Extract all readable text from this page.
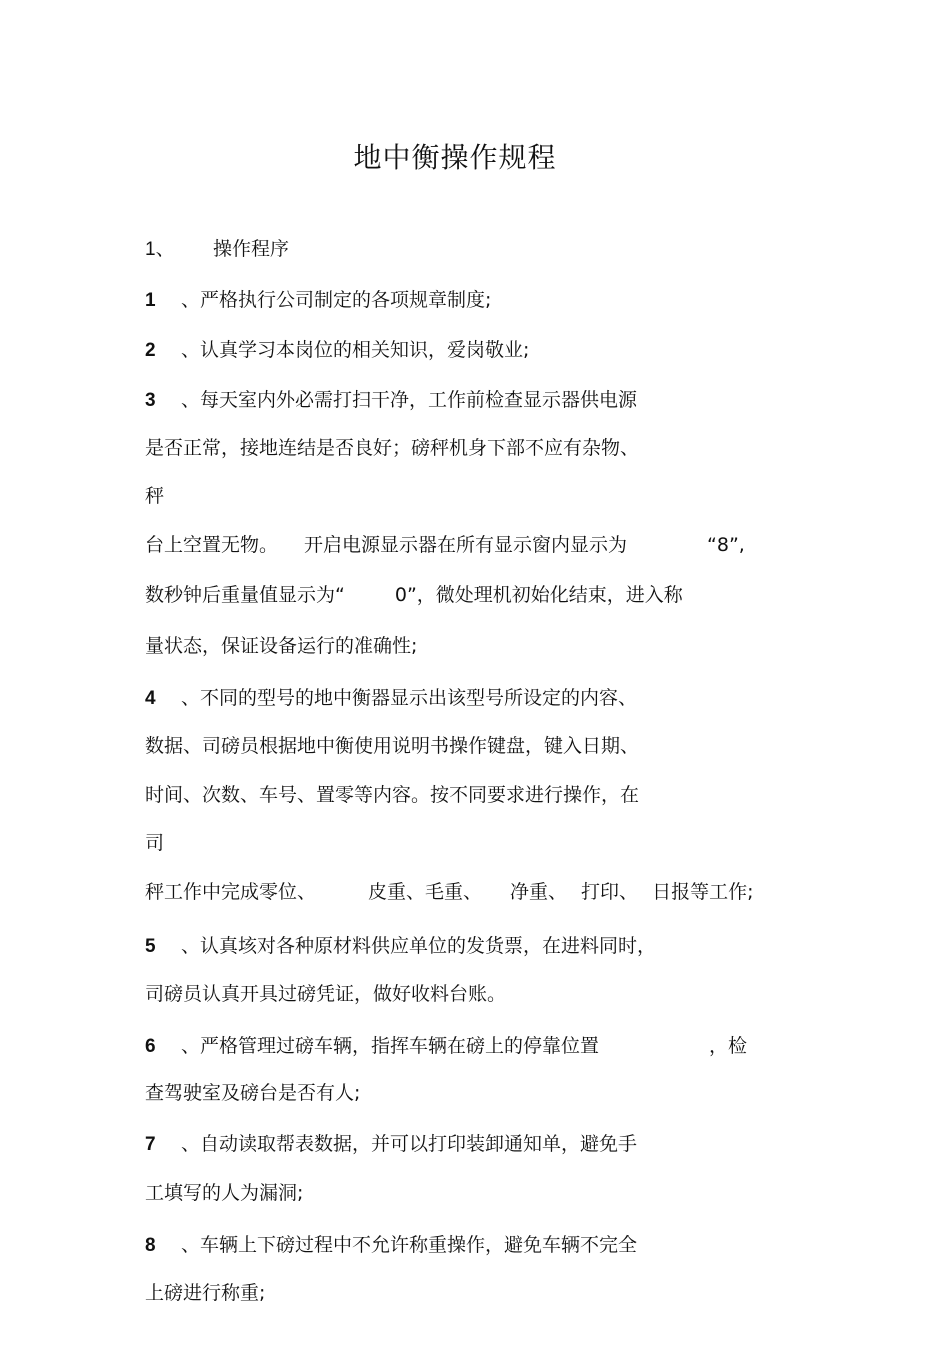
地中衡操作规程
1、 操作程序
1 、严格执行公司制定的各项规章制度;
2 、认真学习本岗位的相关知识，爱岗敬业;
3 、每天室内外必需打扫干净，工作前检查显示器供电源
是否正常，接地连结是否良好；磅秤机身下部不应有杂物、
秤
台上空置无物。 开启电源显示器在所有显示窗内显示为	“8”,
数秒钟后重量值显示为“	0”，微处理机初始化结束，进入称
量状态，保证设备运行的准确性;
4 、不同的型号的地中衡器显示出该型号所设定的内容、
数据、司磅员根据地中衡使用说明书操作键盘，键入日期、
时间、次数、车号、置零等内容。按不同要求进行操作，在
司
秤工作中完成零位、	皮重、毛重、 净重、 打印、 日报等工作;
5 、认真垓对各种原材料供应单位的发货票，在进料同时，
司磅员认真开具过磅凭证，做好收料台账。
6 、严格管理过磅车辆，指挥车辆在磅上的停靠位置	，检
查驾驶室及磅台是否有人;
7 、自动读取帮表数据，并可以打印装卸通知单，避免手
工填写的人为漏洞;
8 、车辆上下磅过程中不允许称重操作，避免车辆不完全
上磅进行称重;
